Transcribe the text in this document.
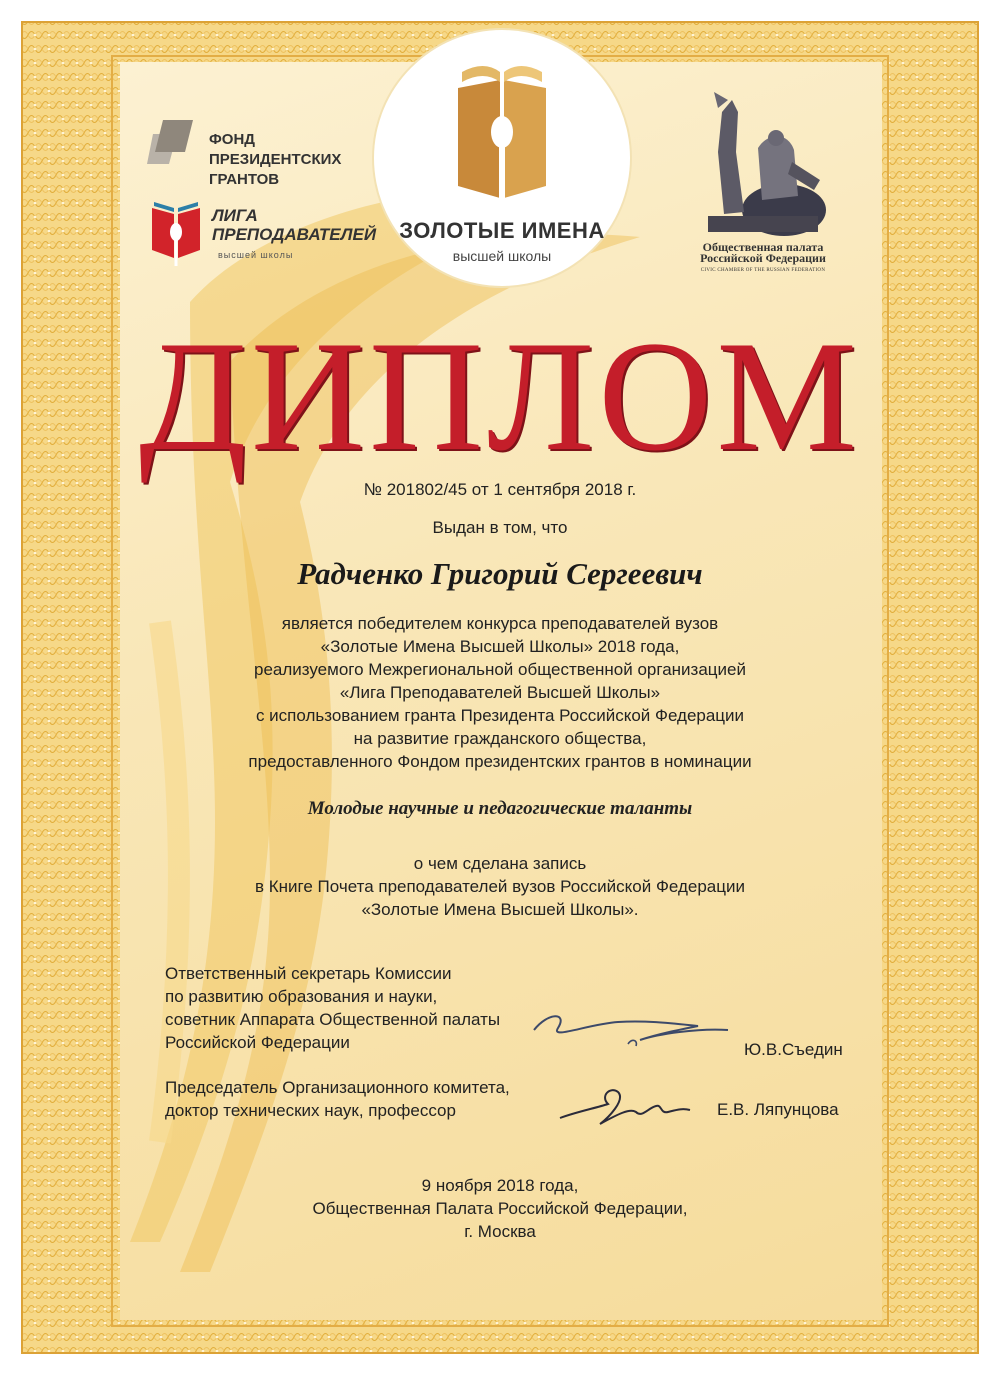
ФОНД
ПРЕЗИДЕНТСКИХ
ГРАНТОВ
ЛИГА
ПРЕПОДАВАТЕЛЕЙ
высшей школы
ЗОЛОТЫЕ ИМЕНА
высшей школы
Общественная палата
Российской Федерации
CIVIC CHAMBER OF THE RUSSIAN FEDERATION
ДИПЛОМ
№ 201802/45 от 1 сентября 2018 г.
Выдан в том, что
Радченко Григорий Сергеевич
является победителем конкурса преподавателей вузов
«Золотые Имена Высшей Школы» 2018 года,
реализуемого Межрегиональной общественной организацией
«Лига Преподавателей Высшей Школы»
с использованием гранта Президента Российской Федерации
на развитие гражданского общества,
предоставленного Фондом президентских грантов в номинации
Молодые научные и педагогические таланты
о чем сделана запись
в Книге Почета преподавателей вузов Российской Федерации
«Золотые Имена Высшей Школы».
Ответственный секретарь Комиссии
по развитию образования и науки,
советник Аппарата Общественной палаты
Российской Федерации	Ю.В.Съедин
Председатель Организационного комитета,
доктор технических наук, профессор	Е.В. Ляпунцова
9 ноября 2018 года,
Общественная Палата Российской Федерации,
г. Москва
